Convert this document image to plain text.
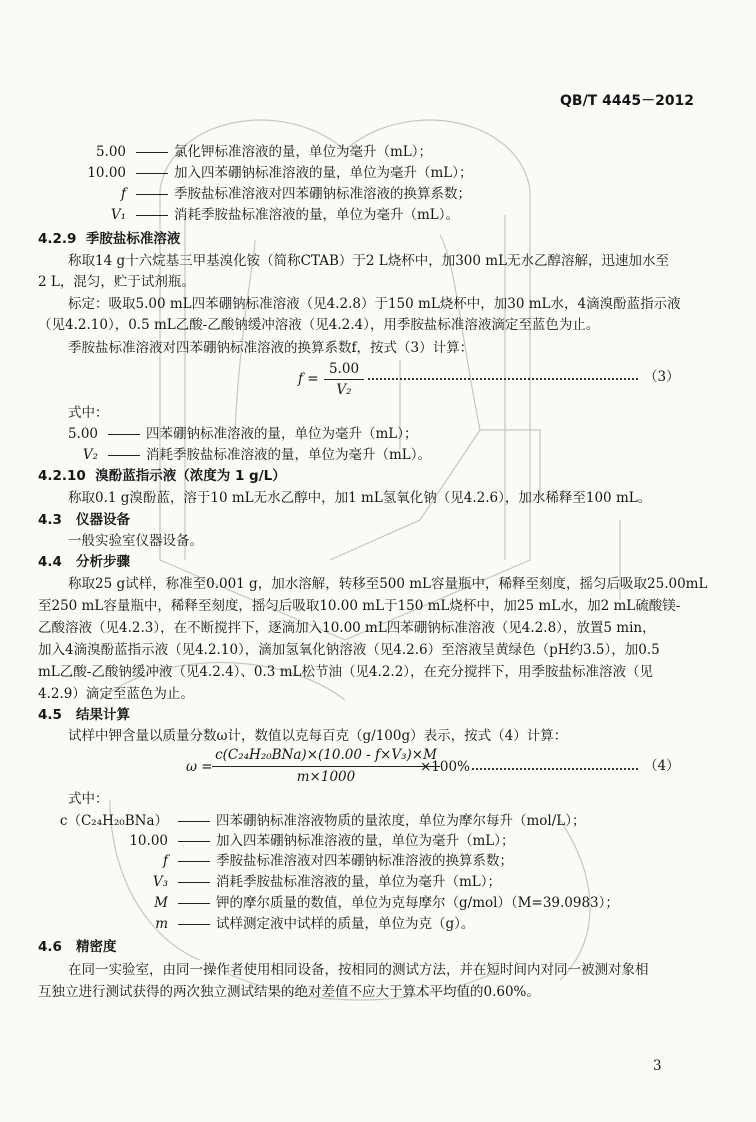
QB/T 4445－2012
5.00	氯化钾标准溶液的量，单位为毫升（mL）；
10.00	加入四苯硼钠标准溶液的量，单位为毫升（mL）；
f	季胺盐标准溶液对四苯硼钠标准溶液的换算系数；
V₁	消耗季胺盐标准溶液的量，单位为毫升（mL）。
4.2.9 季胺盐标准溶液
称取14 g十六烷基三甲基溴化铵（简称CTAB）于2 L烧杯中，加300 mL无水乙醇溶解，迅速加水至
2 L，混匀，贮于试剂瓶。
标定：吸取5.00 mL四苯硼钠标准溶液（见4.2.8）于150 mL烧杯中，加30 mL水，4滴溴酚蓝指示液
（见4.2.10），0.5 mL乙酸-乙酸钠缓冲溶液（见4.2.4），用季胺盐标准溶液滴定至蓝色为止。
季胺盐标准溶液对四苯硼钠标准溶液的换算系数f，按式（3）计算：
f =
5.00
V₂
（3）
式中：
5.00	四苯硼钠标准溶液的量，单位为毫升（mL）；
V₂	消耗季胺盐标准溶液的量，单位为毫升（mL）。
4.2.10 溴酚蓝指示液（浓度为 1 g/L）
称取0.1 g溴酚蓝，溶于10 mL无水乙醇中，加1 mL氢氧化钠（见4.2.6），加水稀释至100 mL。
4.3 仪器设备
一般实验室仪器设备。
4.4 分析步骤
称取25 g试样，称准至0.001 g，加水溶解，转移至500 mL容量瓶中，稀释至刻度，摇匀后吸取25.00mL
至250 mL容量瓶中，稀释至刻度，摇匀后吸取10.00 mL于150 mL烧杯中，加25 mL水，加2 mL硫酸镁-
乙酸溶液（见4.2.3），在不断搅拌下，逐滴加入10.00 mL四苯硼钠标准溶液（见4.2.8），放置5 min，
加入4滴溴酚蓝指示液（见4.2.10），滴加氢氧化钠溶液（见4.2.6）至溶液呈黄绿色（pH约3.5），加0.5
mL乙酸-乙酸钠缓冲液（见4.2.4）、0.3 mL松节油（见4.2.2），在充分搅拌下，用季胺盐标准溶液（见
4.2.9）滴定至蓝色为止。
4.5 结果计算
试样中钾含量以质量分数ω计，数值以克每百克（g/100g）表示，按式（4）计算：
ω =
c(C₂₄H₂₀BNa)×(10.00 - f×V₃)×M
m×1000
×100%	（4）
式中：
c（C₂₄H₂₀BNa）	四苯硼钠标准溶液物质的量浓度，单位为摩尔每升（mol/L）；
10.00	加入四苯硼钠标准溶液的量，单位为毫升（mL）；
f	季胺盐标准溶液对四苯硼钠标准溶液的换算系数；
V₃	消耗季胺盐标准溶液的量，单位为毫升（mL）；
M	钾的摩尔质量的数值，单位为克每摩尔（g/mol）（M=39.0983）；
m	试样测定液中试样的质量，单位为克（g）。
4.6 精密度
在同一实验室，由同一操作者使用相同设备，按相同的测试方法，并在短时间内对同一被测对象相
互独立进行测试获得的两次独立测试结果的绝对差值不应大于算术平均值的0.60%。
3
